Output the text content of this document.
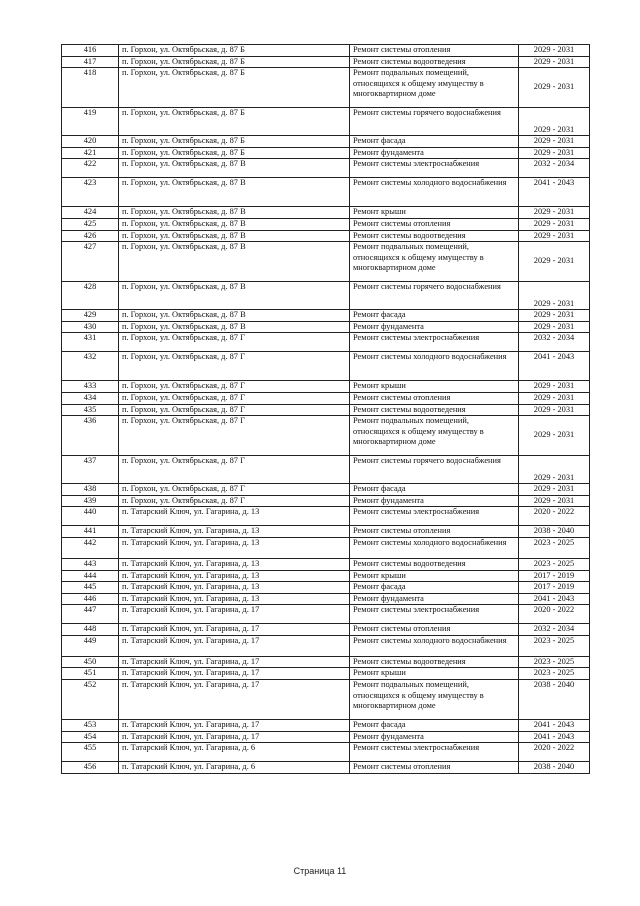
416	п. Горхон, ул. Октябрьская, д. 87 Б	Ремонт системы отопления	2029 - 2031
417	п. Горхон, ул. Октябрьская, д. 87 Б	Ремонт системы водоотведения	2029 - 2031
418	п. Горхон, ул. Октябрьская, д. 87 Б	Ремонт подвальных помещений, относящихся к общему имуществу в многоквартирном доме	2029 - 2031
419	п. Горхон, ул. Октябрьская, д. 87 Б	Ремонт системы горячего водоснабжения	2029 - 2031
420	п. Горхон, ул. Октябрьская, д. 87 Б	Ремонт фасада	2029 - 2031
421	п. Горхон, ул. Октябрьская, д. 87 Б	Ремонт фундамента	2029 - 2031
422	п. Горхон, ул. Октябрьская, д. 87 В	Ремонт системы электроснабжения	2032 - 2034
423	п. Горхон, ул. Октябрьская, д. 87 В	Ремонт системы холодного водоснабжения	2041 - 2043
424	п. Горхон, ул. Октябрьская, д. 87 В	Ремонт крыши	2029 - 2031
425	п. Горхон, ул. Октябрьская, д. 87 В	Ремонт системы отопления	2029 - 2031
426	п. Горхон, ул. Октябрьская, д. 87 В	Ремонт системы водоотведения	2029 - 2031
427	п. Горхон, ул. Октябрьская, д. 87 В	Ремонт подвальных помещений, относящихся к общему имуществу в многоквартирном доме	2029 - 2031
428	п. Горхон, ул. Октябрьская, д. 87 В	Ремонт системы горячего водоснабжения	2029 - 2031
429	п. Горхон, ул. Октябрьская, д. 87 В	Ремонт фасада	2029 - 2031
430	п. Горхон, ул. Октябрьская, д. 87 В	Ремонт фундамента	2029 - 2031
431	п. Горхон, ул. Октябрьская, д. 87 Г	Ремонт системы электроснабжения	2032 - 2034
432	п. Горхон, ул. Октябрьская, д. 87 Г	Ремонт системы холодного водоснабжения	2041 - 2043
433	п. Горхон, ул. Октябрьская, д. 87 Г	Ремонт крыши	2029 - 2031
434	п. Горхон, ул. Октябрьская, д. 87 Г	Ремонт системы отопления	2029 - 2031
435	п. Горхон, ул. Октябрьская, д. 87 Г	Ремонт системы водоотведения	2029 - 2031
436	п. Горхон, ул. Октябрьская, д. 87 Г	Ремонт подвальных помещений, относящихся к общему имуществу в многоквартирном доме	2029 - 2031
437	п. Горхон, ул. Октябрьская, д. 87 Г	Ремонт системы горячего водоснабжения	2029 - 2031
438	п. Горхон, ул. Октябрьская, д. 87 Г	Ремонт фасада	2029 - 2031
439	п. Горхон, ул. Октябрьская, д. 87 Г	Ремонт фундамента	2029 - 2031
440	п. Татарский Ключ, ул. Гагарина, д. 13	Ремонт системы электроснабжения	2020 - 2022
441	п. Татарский Ключ, ул. Гагарина, д. 13	Ремонт системы отопления	2038 - 2040
442	п. Татарский Ключ, ул. Гагарина, д. 13	Ремонт системы холодного водоснабжения	2023 - 2025
443	п. Татарский Ключ, ул. Гагарина, д. 13	Ремонт системы водоотведения	2023 - 2025
444	п. Татарский Ключ, ул. Гагарина, д. 13	Ремонт крыши	2017 - 2019
445	п. Татарский Ключ, ул. Гагарина, д. 13	Ремонт фасада	2017 - 2019
446	п. Татарский Ключ, ул. Гагарина, д. 13	Ремонт фундамента	2041 - 2043
447	п. Татарский Ключ, ул. Гагарина, д. 17	Ремонт системы электроснабжения	2020 - 2022
448	п. Татарский Ключ, ул. Гагарина, д. 17	Ремонт системы отопления	2032 - 2034
449	п. Татарский Ключ, ул. Гагарина, д. 17	Ремонт системы холодного водоснабжения	2023 - 2025
450	п. Татарский Ключ, ул. Гагарина, д. 17	Ремонт системы водоотведения	2023 - 2025
451	п. Татарский Ключ, ул. Гагарина, д. 17	Ремонт крыши	2023 - 2025
452	п. Татарский Ключ, ул. Гагарина, д. 17	Ремонт подвальных помещений, относящихся к общему имуществу в многоквартирном доме	2038 - 2040
453	п. Татарский Ключ, ул. Гагарина, д. 17	Ремонт фасада	2041 - 2043
454	п. Татарский Ключ, ул. Гагарина, д. 17	Ремонт фундамента	2041 - 2043
455	п. Татарский Ключ, ул. Гагарина, д. 6	Ремонт системы электроснабжения	2020 - 2022
456	п. Татарский Ключ, ул. Гагарина, д. 6	Ремонт системы отопления	2038 - 2040
Страница 11
